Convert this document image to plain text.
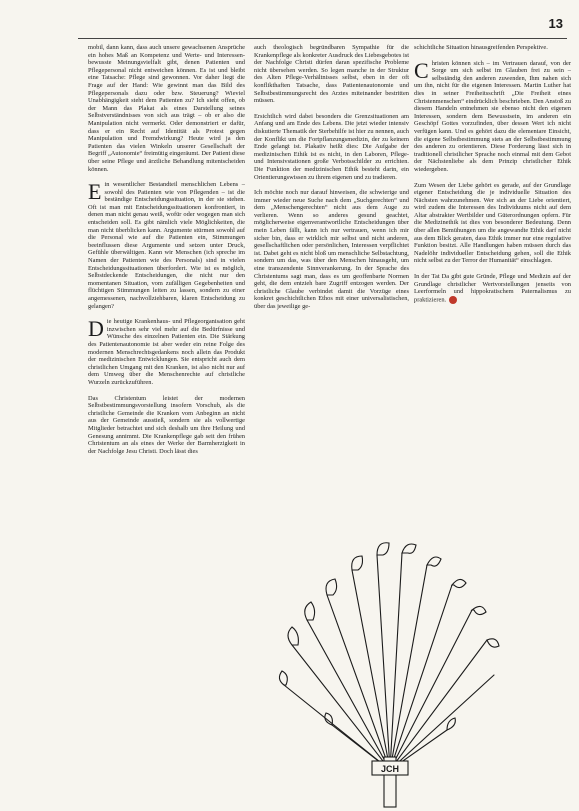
13

mobil, dann kann, dass auch unsere gewachsenen Ansprüche ein hohes Maß an Kompetenz und Werte- und Interessen-bewusste Meinungsvielfalt gibt, denen Patienten und Pflegepersonal nicht entweichen können. Es ist und bleibt eine Tatsache: Pflege sind gewonnen. Vor daher liegt die Frage auf der Hand: Wie gewinnt man das Bild des Pflegepersonals dazu oder bzw. Steuerung? Wieviel Unabhängigkeit steht dem Patienten zu? Ich sieht offen, ob der Mann das Plakat als eines Darstellung seines Selbstverständnisses von sich aus trägt – ob er also die Manipulation nicht vermerkt. Oder demonstriert er dafür, dass er ein Recht auf Identität als Protest gegen Manipulation und Fremdwirkung? Heute wird ja den Patienten das vielen Winkeln unserer Gesellschaft der Begriff „Autonomie“ freimütig eingeräumt. Der Patient diese über seine Pflege und ärztliche Behandlung mitentscheiden können.

Ein wesentlicher Bestandteil menschlichen Lebens – sowohl des Patienten wie von Pflegenden – ist die beständige Entscheidungssituation, in der sie stehen. Oft ist man mit Entscheidungssituationen konfrontiert, in denen man nicht genau weiß, wofür oder wogegen man sich entscheiden soll. Es gibt nämlich viele Möglichkeiten, die man nicht überblicken kann. Argumente stürmen sowohl auf die Personal wie auf die Patienten ein, Stimmungen beeinflussen diese Argumente und setzen unter Druck, Gefühle überwältigen. Kann wir Menschen (ich spreche im Namen der Patienten wie des Personals) sind in vielen Entscheidungssituationen überfordert. Wie ist es möglich, Selbstdeckende Entscheidungen, die nicht nur den momentanen Situation, vom zufälligen Gegebenheiten und flüchtigen Stimmungen leiten zu lassen, sondern zu einer angemessenen, nachvollziehbaren, klaren Entscheidung zu gelangen?

Die heutige Krankenhaus- und Pflegeorganisation geht inzwischen sehr viel mehr auf die Bedürfnisse und Wünsche des einzelnen Patienten ein. Die Stärkung des Patientenautonomie ist aber weder ein reine Folge des modernen Menschrechtsgedankens noch allein das Produkt der medizinischen Entwicklungen. Sie entspricht auch dem christlichen Umgang mit den Kranken, ist also nicht nur auf dem Umweg über die Menschenrechte auf christliche Wurzeln zurückzuführen.

Das Christentum leistet der modernen Selbstbestimmungsvorstellung insofern Vorschub, als die christliche Gemeinde die Kranken vom Anbeginn an nicht aus der Gemeinde ausstieß, sondern sie als vollwertige Mitglieder betrachtet und sich deshalb um ihre Heilung und Genesung annimmt. Die Krankenpflege gab seit den frühen Christentum an als eines der Werke der Barmherzigkeit in der Nachfolge Jesu Christi. Doch lässt dies

auch theologisch begründbaren Sympathie für die Krankenpflege als konkreter Ausdruck des Liebesgebotes ist der Nachfolge Christi dürfen daran spezifische Probleme nicht übersehen werden. So legen manche in der Struktur des Alten Pflege-Verhältnisses selbst, eben in der oft konflikthaften Tatsache, dass Patientenautonomie und Selbstbestimmungsrecht des Arztes miteinander bestritten müssen.

Ersichtlich wird dabei besonders die Grenzsituationen am Anfang und am Ende des Lebens. Die jetzt wieder intensiv diskutierte Thematik der Sterbehilfe ist hier zu nennen, auch der Konflikt um die Fortpflanzungsmedizin, der zu keinem Ende gelangt ist. Plakativ heißt dies: Die Aufgabe der medizinischen Ethik ist es nicht, in den Laboren, Pflege- und Intensivstationen große Verbotsschilder zu errichten. Die Funktion der medizinischen Ethik besteht darin, ein Orientierungswissen zu ihrem eigenen und zu tradieren.

Ich möchte noch nur darauf hinweisen, die schwierige und immer wieder neue Suche nach dem „Suchgerechten“ und dem „Menschengerechten“ nicht aus dem Auge zu verlieren. Wenn so anderes gesund geachtet, möglicherweise eigenverantwortliche Entscheidungen über mein Leben fällt, kann ich nur vertrauen, wenn ich mir sicher bin, dass er wirklich mir selbst und nicht anderen, gesellschaftlichen oder persönlichen, Interessen verpflichtet ist. Dabei geht es nicht bloß um menschliche Selbstachtung, sondern um das, was über den Menschen hinausgeht, um eine transzendente Sinnverankerung. In der Sprache des Christentums sagt man, dass es um geoffenbarte Normen geht, die dem entzieh bare Zugriff entzogen werden. Der christliche Glaube verbindet damit die Vorzüge eines konkret geschichtlichen Ethos mit einer universalistischen, über das jeweilige ge-

schichtliche Situation hinausgreifenden Perspektive.

Christen können sich – im Vertrauen darauf, von der Sorge um sich selbst im Glauben frei zu sein – selbständig den anderen zuwenden, Ihm nahen sich um ihn, nicht für die eigenen Interessen. Martin Luther hat dies in seiner Freiheitsschrift „Die Freiheit eines Christenmenschen“ eindrücklich beschrieben. Den Anstoß zu diesem Handeln entnehmen sie ebenso nicht den eigenen Interessen, sondern dem Bewusstsein, im anderen ein Geschöpf Gottes vorzufinden, über dessen Wert ich nicht verfügen kann. Und es gehört dazu die elementare Einsicht, die eigene Selbstbestimmung stets an der Selbstbestimmung des anderen zu orientieren. Diese Forderung lässt sich in traditionell christlicher Sprache noch einmal mit dem Gebot der Nächstenliebe als dem Prinzip christlicher Ethik wiedergeben.

Zum Wesen der Liebe gehört es gerade, auf der Grundlage eigener Entscheidung die je individuelle Situation des Nächsten wahrzunehmen. Wer sich an der Liebe orientiert, wird zudem die Interessen des Individuums nicht auf dem Altar abstrakter Wertbilder und Güterordnungen opfern. Für die Medizinethik ist dies von besonderer Bedeutung. Denn über allen Bemühungen um die angewandte Ethik darf nicht aus dem Blick geraten, dass Ethik immer nur eine regulative Funktion besitzt. Alle Handlungen haben müssen durch das Nadelöhr individueller Entscheidung gehen, soll die Ethik nicht selbst zu der Terror der Humanität“ einschlagen.

In der Tat Da gibt gute Gründe, Pflege und Medizin auf der Grundlage christlicher Wertvorstellungen jenseits von Leerformeln und hippokratischem Paternalismus zu praktizieren.

JCH
